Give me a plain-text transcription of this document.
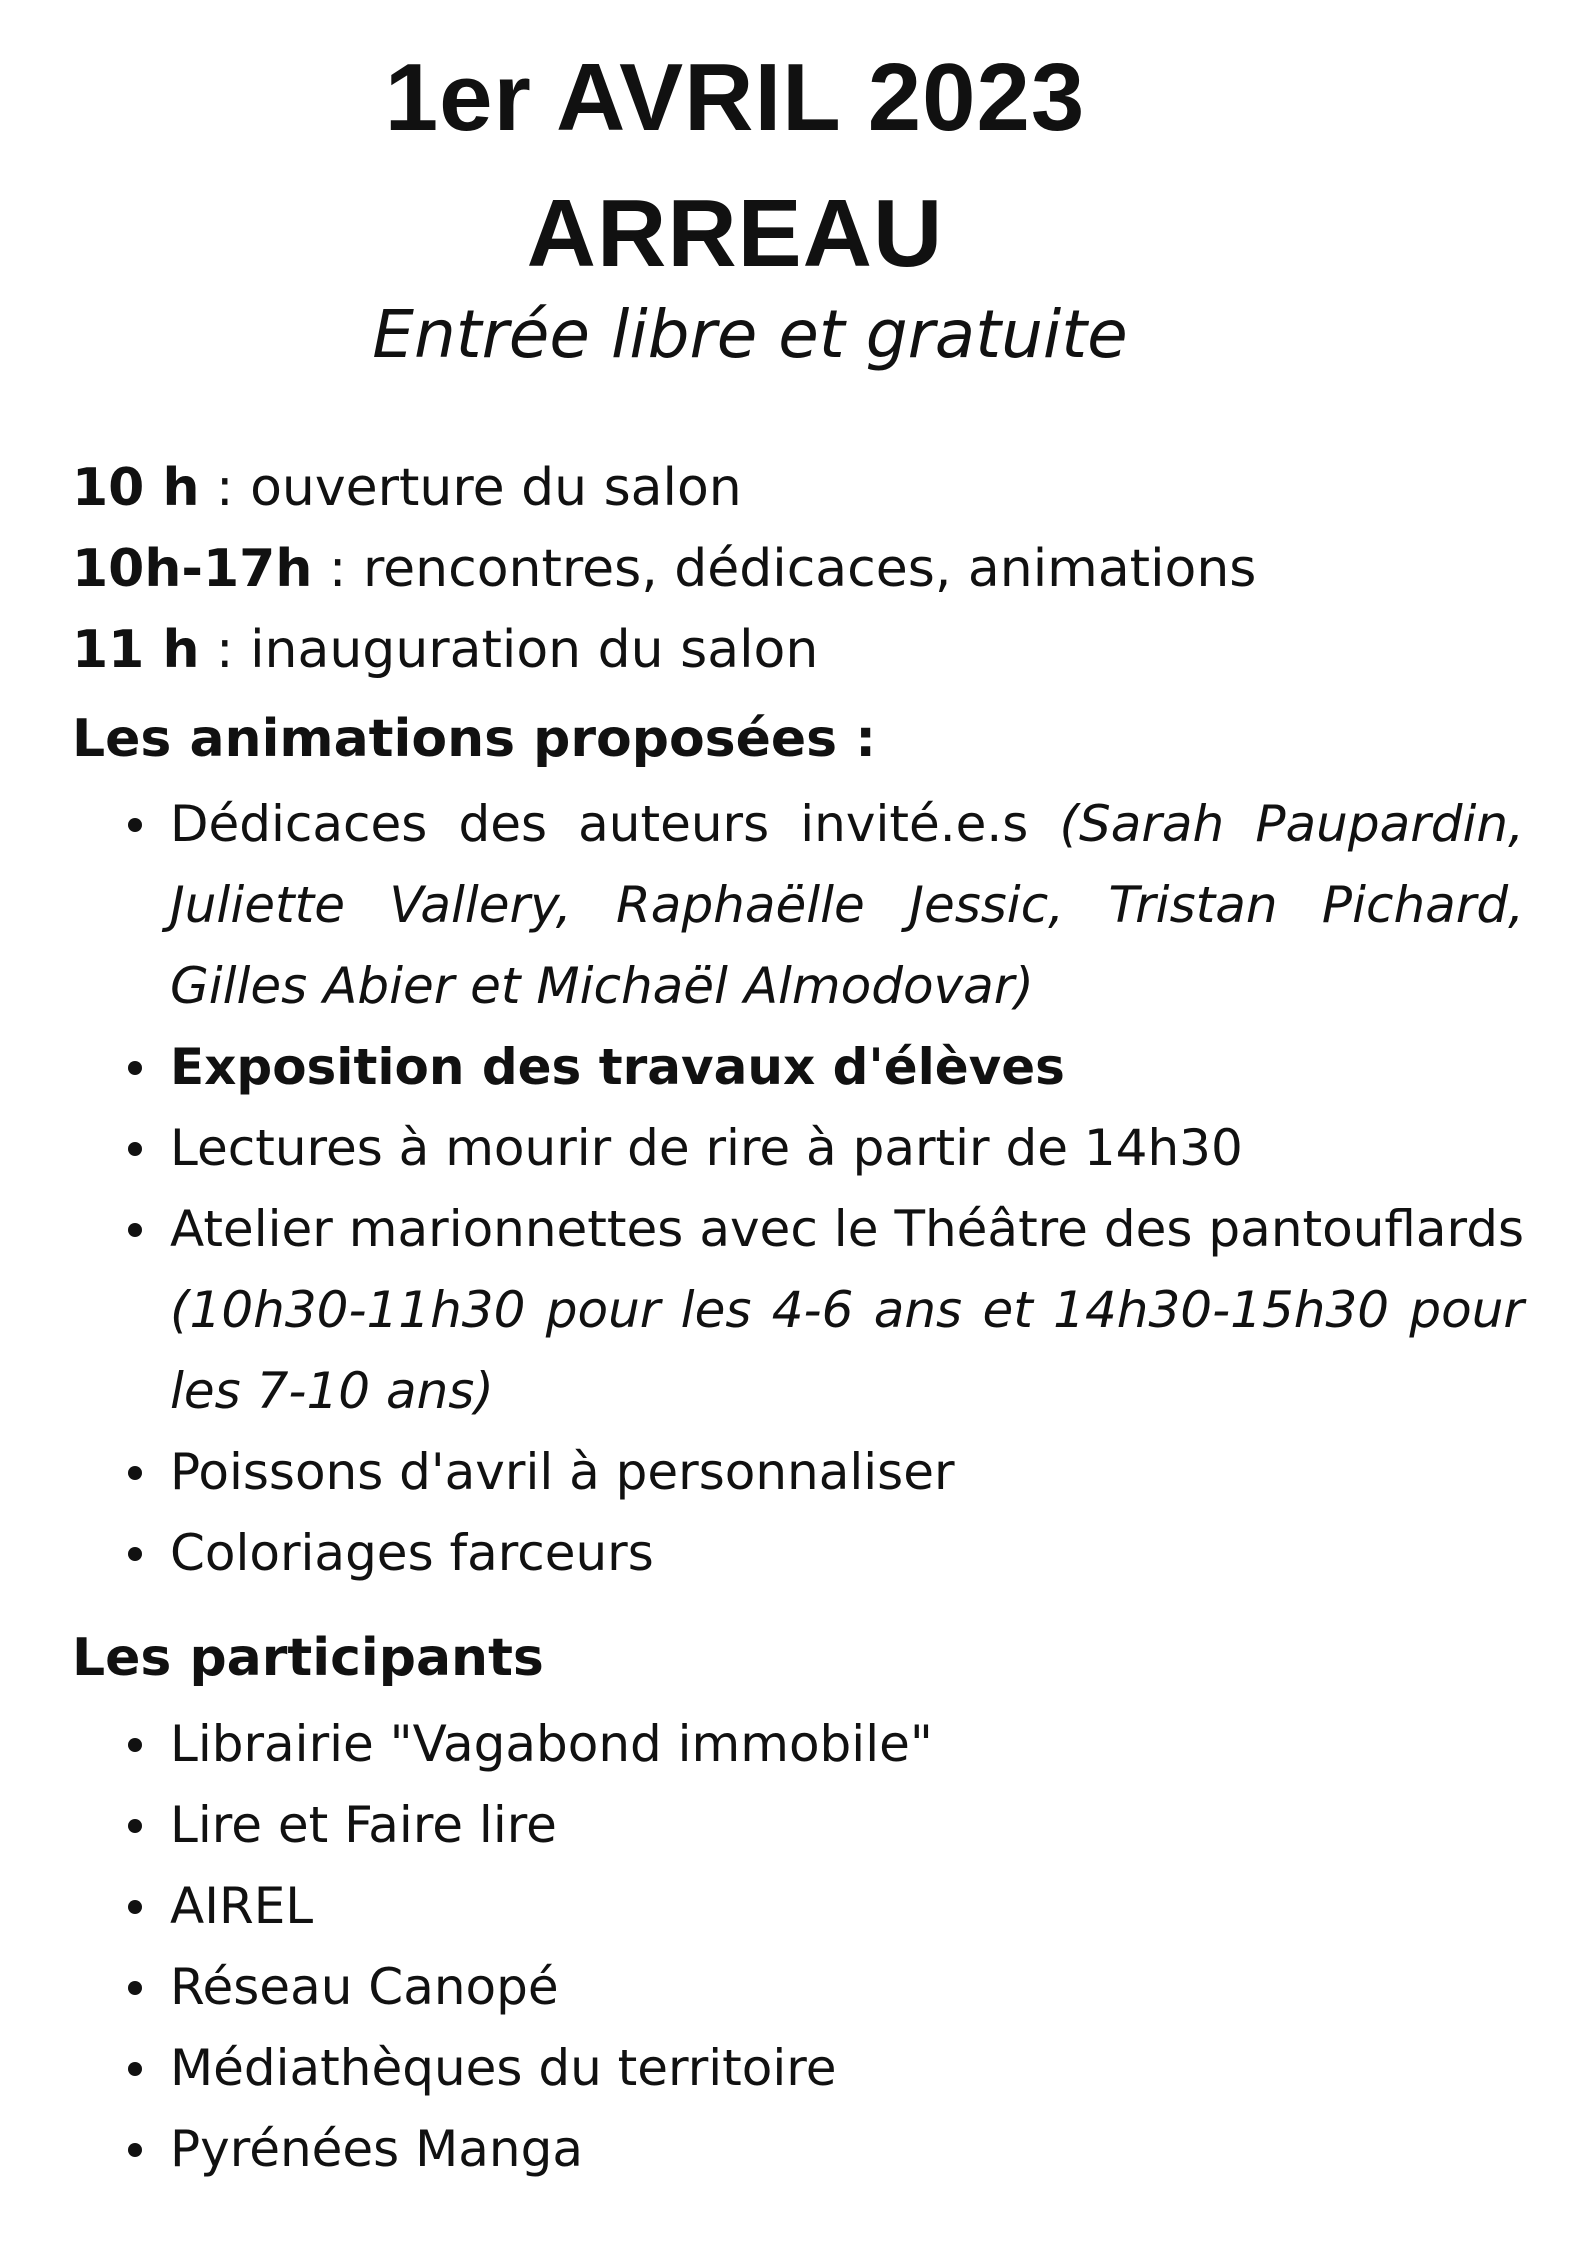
1er AVRIL 2023
ARREAU

Entrée libre et gratuite

10 h : ouverture du salon
10h-17h : rencontres, dédicaces, animations
11 h : inauguration du salon
Les animations proposées :
Dédicaces des auteurs invité.e.s (Sarah Paupardin, Juliette Vallery, Raphaëlle Jessic, Tristan Pichard, Gilles Abier et Michaël Almodovar)
Exposition des travaux d'élèves
Lectures à mourir de rire à partir de 14h30
Atelier marionnettes avec le Théâtre des pantouflards (10h30-11h30 pour les 4-6 ans et 14h30-15h30 pour les 7-10 ans)
Poissons d'avril à personnaliser
Coloriages farceurs
Les participants
Librairie "Vagabond immobile"
Lire et Faire lire
AIREL
Réseau Canopé
Médiathèques du territoire
Pyrénées Manga
